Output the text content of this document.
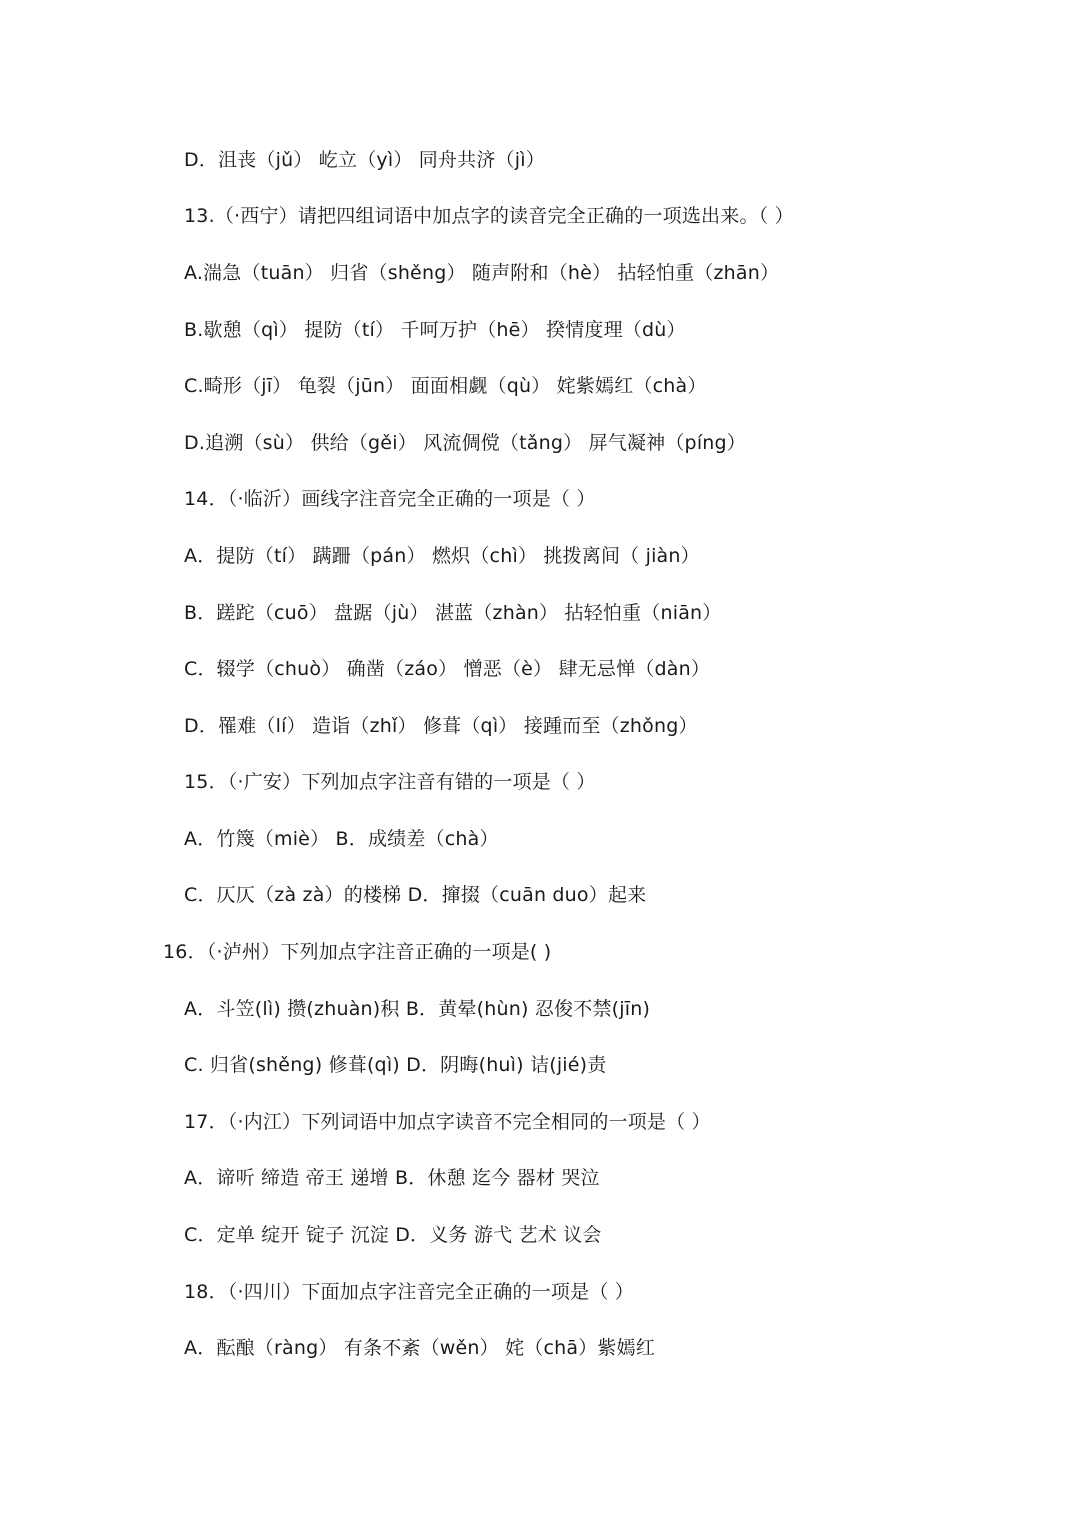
D．沮丧（jǔ） 屹立（yì） 同舟共济（jì）
13.（·西宁）请把四组词语中加点字的读音完全正确的一项选出来。（ ）
A.湍急（tuān） 归省（shěng） 随声附和（hè） 拈轻怕重（zhān）
B.歇憩（qì） 提防（tí） 千呵万护（hē） 揆情度理（dù）
C.畸形（jī） 龟裂（jūn） 面面相觑（qù） 姹紫嫣红（chà）
D.追溯（sù） 供给（gěi） 风流倜傥（tǎng） 屏气凝神（píng）
14．（·临沂）画线字注音完全正确的一项是（ ）
A．提防（tí） 蹒跚（pán） 燃炽（chì） 挑拨离间（ jiàn）
B．蹉跎（cuō） 盘踞（jù） 湛蓝（zhàn） 拈轻怕重（niān）
C．辍学（chuò） 确凿（záo） 憎恶（è） 肆无忌惮（dàn）
D．罹难（lí） 造诣（zhǐ） 修葺（qì） 接踵而至（zhǒng）
15．（·广安）下列加点字注音有错的一项是（ ）
A．竹篾（miè） B．成绩差（chà）
C．仄仄（zà zà）的楼梯 D．撺掇（cuān duo）起来
16．（·泸州）下列加点字注音正确的一项是( )
A．斗笠(lì) 攒(zhuàn)积 B．黄晕(hùn) 忍俊不禁(jīn)
C. 归省(shěng) 修葺(qì) D．阴晦(huì) 诘(jié)责
17．（·内江）下列词语中加点字读音不完全相同的一项是（ ）
A．谛听 缔造 帝王 递增 B．休憩 迄今 器材 哭泣
C．定单 绽开 锭子 沉淀 D．义务 游弋 艺术 议会
18．（·四川）下面加点字注音完全正确的一项是（ ）
A．酝酿（ràng） 有条不紊（wěn） 姹（chā）紫嫣红
